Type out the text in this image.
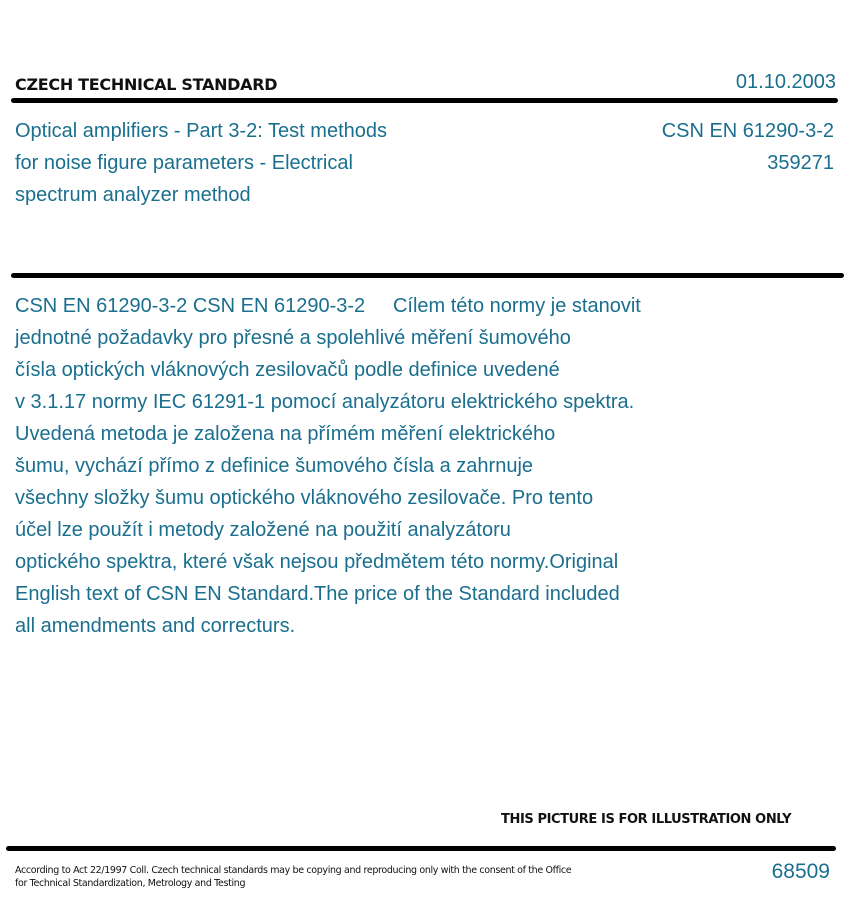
CZECH TECHNICAL STANDARD	01.10.2003
Optical amplifiers - Part 3-2: Test methods
for noise figure parameters - Electrical
spectrum analyzer method
CSN EN 61290-3-2
359271
CSN EN 61290-3-2 CSN EN 61290-3-2     Cílem této normy je stanovit
jednotné požadavky pro přesné a spolehlivé měření šumového
čísla optických vláknových zesilovačů podle definice uvedené
v 3.1.17 normy IEC 61291-1 pomocí analyzátoru elektrického spektra.
Uvedená metoda je založena na přímém měření elektrického
šumu, vychází přímo z definice šumového čísla a zahrnuje
všechny složky šumu optického vláknového zesilovače. Pro tento
účel lze použít i metody založené na použití analyzátoru
optického spektra, které však nejsou předmětem této normy.Original
English text of CSN EN Standard.The price of the Standard included
all amendments and correcturs.
THIS PICTURE IS FOR ILLUSTRATION ONLY
According to Act 22/1997 Coll. Czech technical standards may be copying and reproducing only with the consent of the Office
for Technical Standardization, Metrology and Testing
68509
